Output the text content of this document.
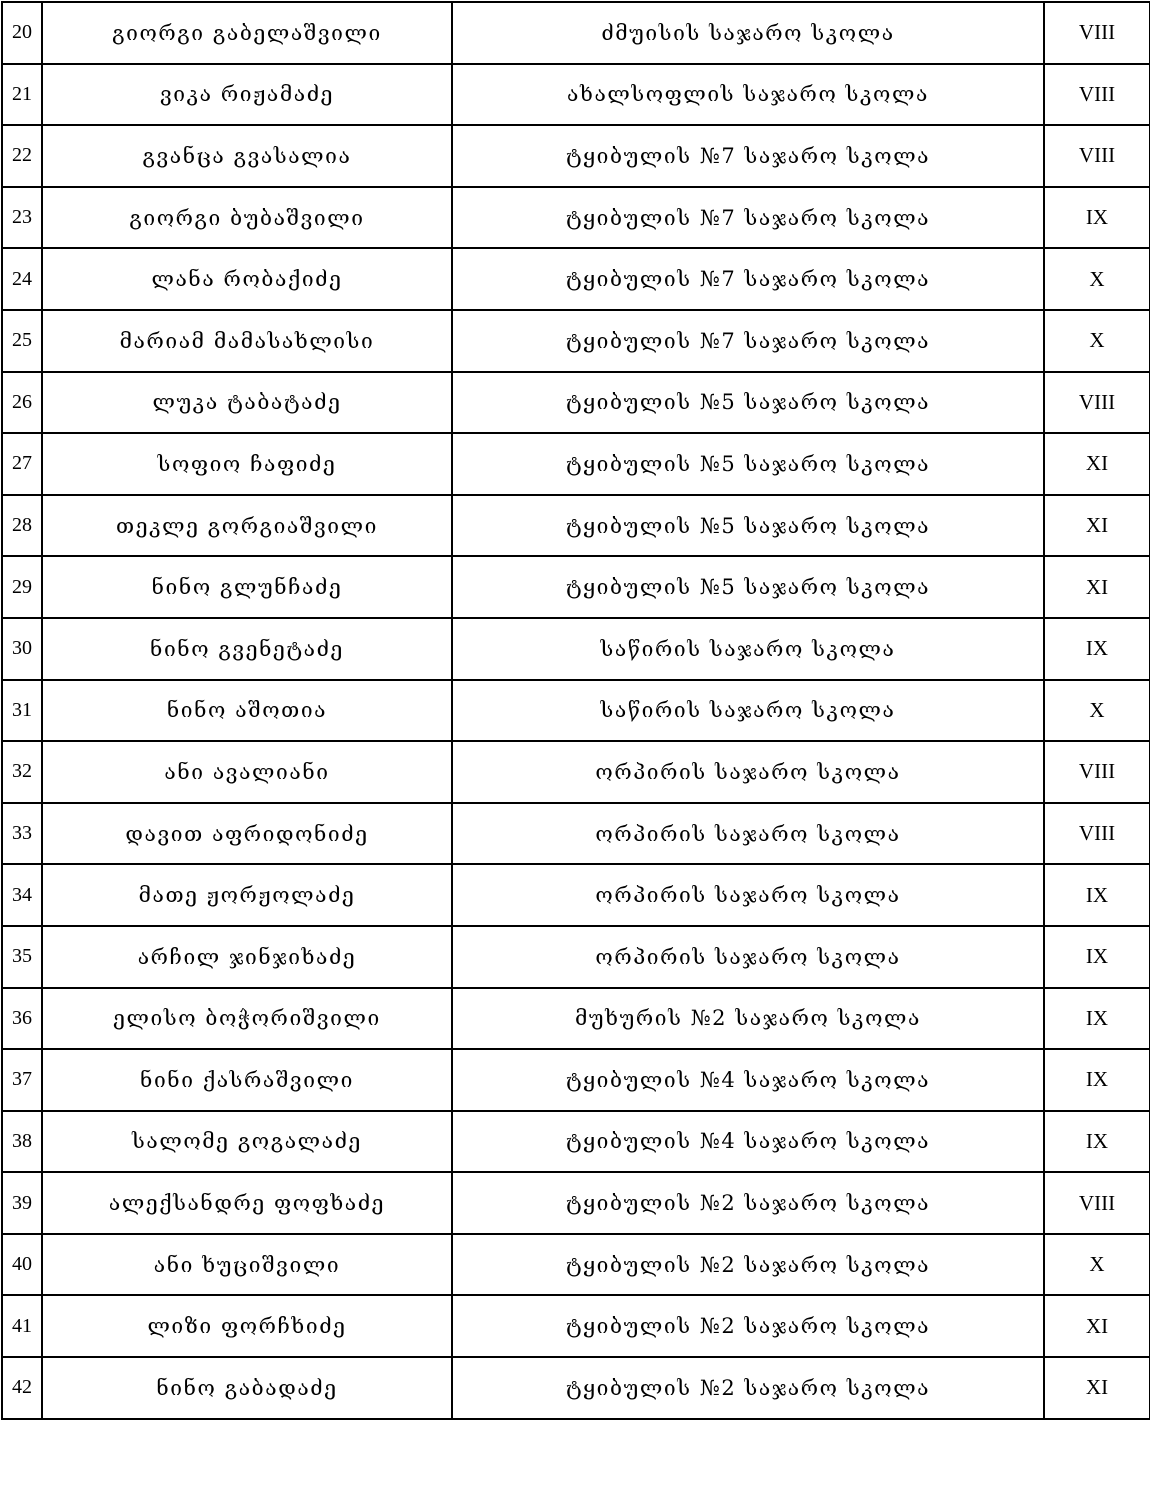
20	გიორგი გაბელაშვილი	ძმუისის საჯარო სკოლა	VIII
21	ვიკა რიჟამაძე	ახალსოფლის საჯარო სკოლა	VIII
22	გვანცა გვასალია	ტყიბულის №7 საჯარო სკოლა	VIII
23	გიორგი ბუბაშვილი	ტყიბულის №7 საჯარო სკოლა	IX
24	ლანა რობაქიძე	ტყიბულის №7 საჯარო სკოლა	X
25	მარიამ მამასახლისი	ტყიბულის №7 საჯარო სკოლა	X
26	ლუკა ტაბატაძე	ტყიბულის №5 საჯარო სკოლა	VIII
27	სოფიო ჩაფიძე	ტყიბულის №5 საჯარო სკოლა	XI
28	თეკლე გორგიაშვილი	ტყიბულის №5 საჯარო სკოლა	XI
29	ნინო გლუნჩაძე	ტყიბულის №5 საჯარო სკოლა	XI
30	ნინო გვენეტაძე	საწირის საჯარო სკოლა	IX
31	ნინო აშოთია	საწირის საჯარო სკოლა	X
32	ანი ავალიანი	ორპირის საჯარო სკოლა	VIII
33	დავით აფრიდონიძე	ორპირის საჯარო სკოლა	VIII
34	მათე ჟორჟოლაძე	ორპირის საჯარო სკოლა	IX
35	არჩილ ჯინჯიხაძე	ორპირის საჯარო სკოლა	IX
36	ელისო ბოჭორიშვილი	მუხურის №2 საჯარო სკოლა	IX
37	ნინი ქასრაშვილი	ტყიბულის №4 საჯარო სკოლა	IX
38	სალომე გოგალაძე	ტყიბულის №4 საჯარო სკოლა	IX
39	ალექსანდრე ფოფხაძე	ტყიბულის №2 საჯარო სკოლა	VIII
40	ანი ხუციშვილი	ტყიბულის №2 საჯარო სკოლა	X
41	ლიზი ფორჩხიძე	ტყიბულის №2 საჯარო სკოლა	XI
42	ნინო გაბადაძე	ტყიბულის №2 საჯარო სკოლა	XI
